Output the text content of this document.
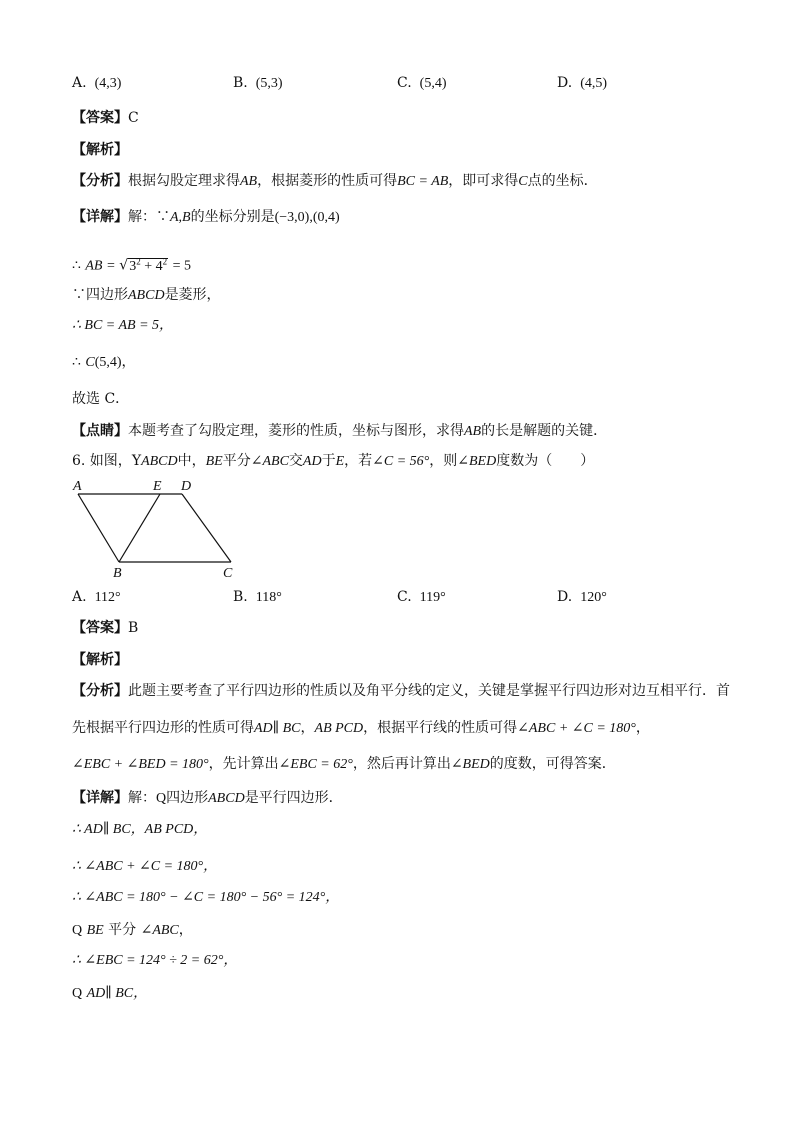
A. (4,3)	B. (5,3)	C. (5,4)	D. (4,5)
【答案】C
【解析】
【分析】根据勾股定理求得AB，根据菱形的性质可得BC = AB，即可求得C点的坐标．
【详解】解：∵A,B的坐标分别是(−3,0),(0,4)
∴ AB = $√3^2 + 4^2 = 5$
∵四边形ABCD是菱形，
∴ BC = AB = 5，
∴ C(5,4)，
故选 C．
【点睛】本题考查了勾股定理，菱形的性质，坐标与图形，求得AB的长是解题的关键．
6. 如图，YABCD中，BE平分∠ABC交AD于E，若∠C = 56°，则∠BED度数为（　　）
A	E D
B	C
A. 112°	B. 118°	C. 119°	D. 120°
【答案】B
【解析】
【分析】此题主要考查了平行四边形的性质以及角平分线的定义，关键是掌握平行四边形对边互相平行．首
先根据平行四边形的性质可得AD∥ BC，AB PCD，根据平行线的性质可得∠ABC + ∠C = 180°，
∠EBC + ∠BED = 180°，先计算出∠EBC = 62°，然后再计算出∠BED的度数，可得答案．
【详解】解：Q四边形ABCD是平行四边形．
∴ AD∥ BC，AB PCD，
∴ ∠ABC + ∠C = 180°，
∴ ∠ABC = 180° − ∠C = 180° − 56° = 124°，
Q BE 平分 ∠ABC，
∴ ∠EBC = 124° ÷ 2 = 62°，
Q AD∥ BC，
